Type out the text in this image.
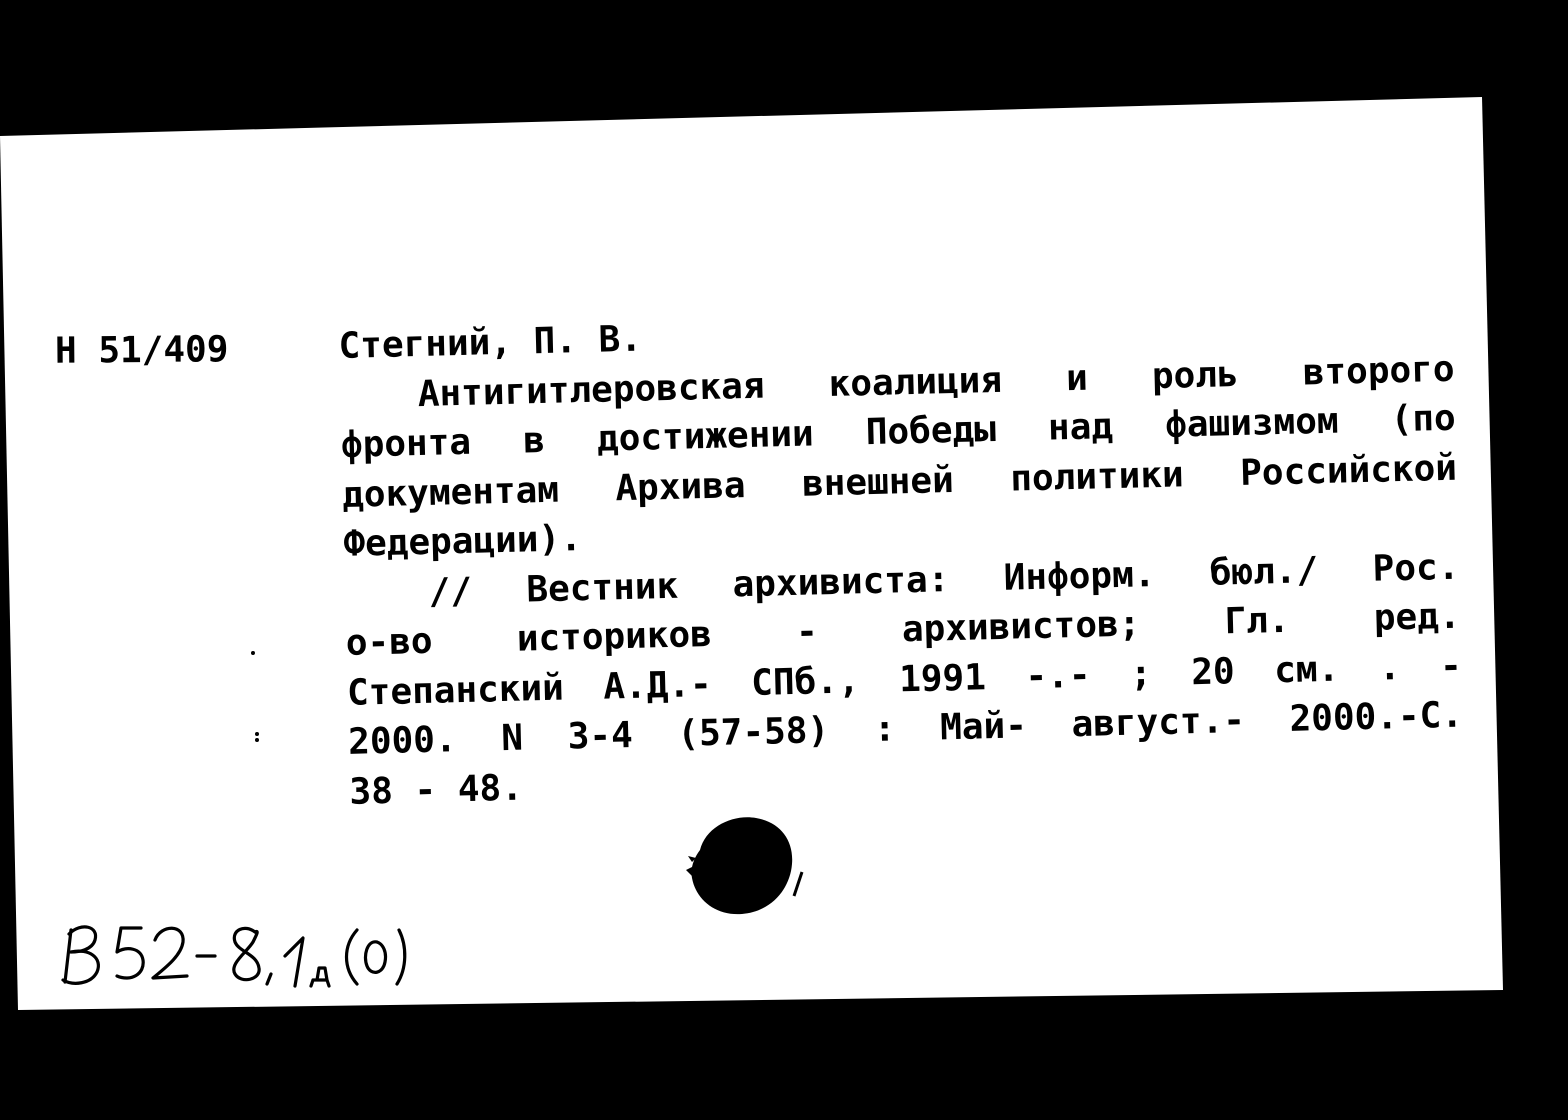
Н 51/409	Стегний, П. В.
Антигитлеровская коалиция и роль второго
фронта в достижении Победы над фашизмом (по
документам Архива внешней политики Российской
Федерации).
// Вестник архивиста: Информ. бюл./ Рос.
о-во историков - архивистов; Гл. ред.
Степанский А.Д.- СПб., 1991 -.- ; 20 см. . -
2000. N 3-4 (57-58) : Май- август.- 2000.-С.
38 - 48.
